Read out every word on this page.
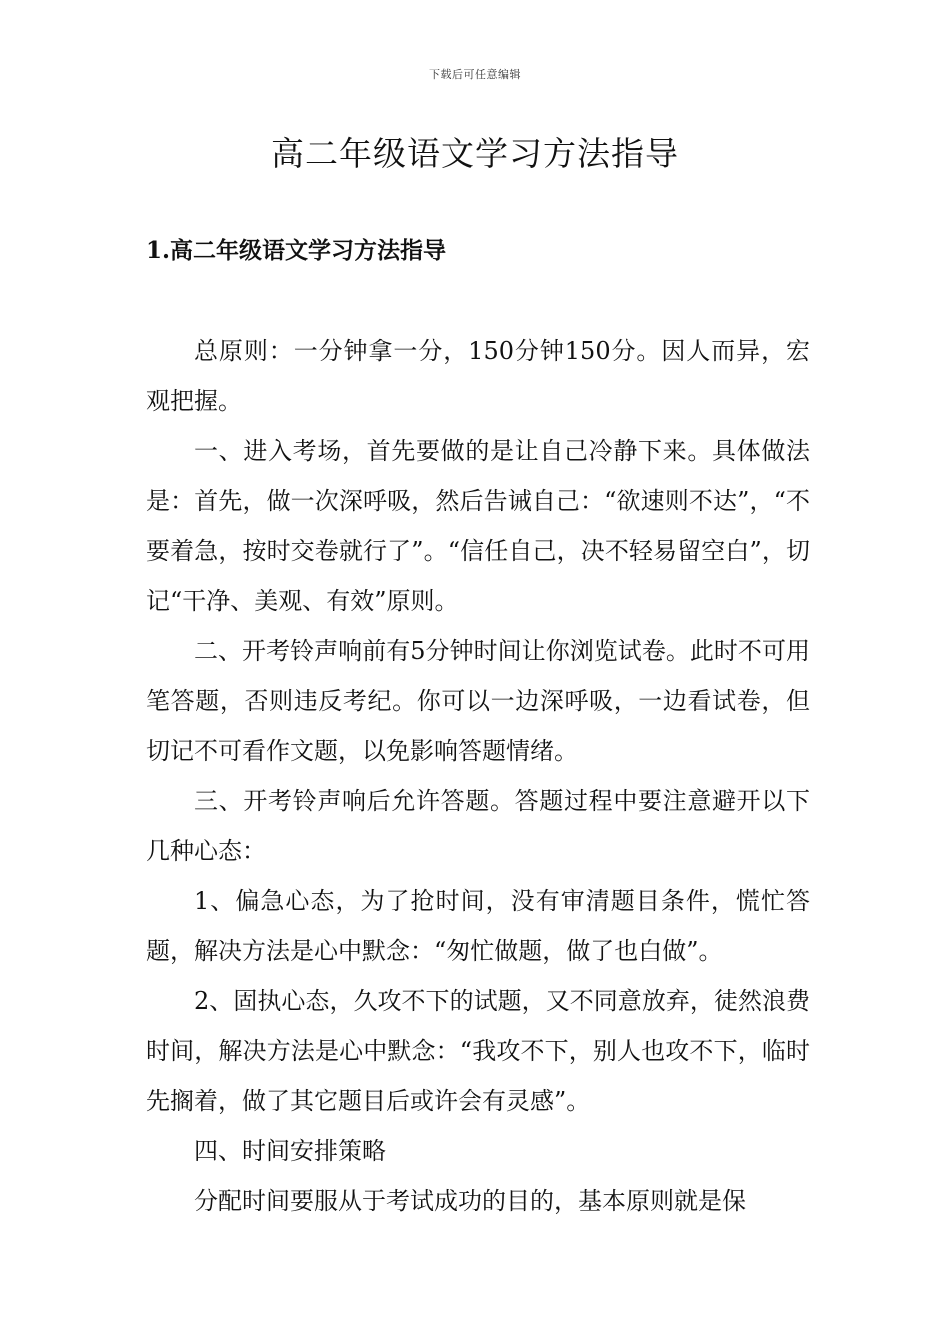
下载后可任意编辑
高二年级语文学习方法指导
1.高二年级语文学习方法指导

总原则：一分钟拿一分，150分钟150分。因人而异，宏观把握。

一、进入考场，首先要做的是让自己冷静下来。具体做法是：首先，做一次深呼吸，然后告诫自己：“欲速则不达”，“不要着急，按时交卷就行了”。“信任自己，决不轻易留空白”，切记“干净、美观、有效”原则。

二、开考铃声响前有5分钟时间让你浏览试卷。此时不可用笔答题，否则违反考纪。你可以一边深呼吸，一边看试卷，但切记不可看作文题，以免影响答题情绪。

三、开考铃声响后允许答题。答题过程中要注意避开以下几种心态：

1、偏急心态，为了抢时间，没有审清题目条件，慌忙答题，解决方法是心中默念：“匆忙做题，做了也白做”。

2、固执心态，久攻不下的试题，又不同意放弃，徒然浪费时间，解决方法是心中默念：“我攻不下，别人也攻不下，临时先搁着，做了其它题目后或许会有灵感”。

四、时间安排策略

分配时间要服从于考试成功的目的，基本原则就是保
